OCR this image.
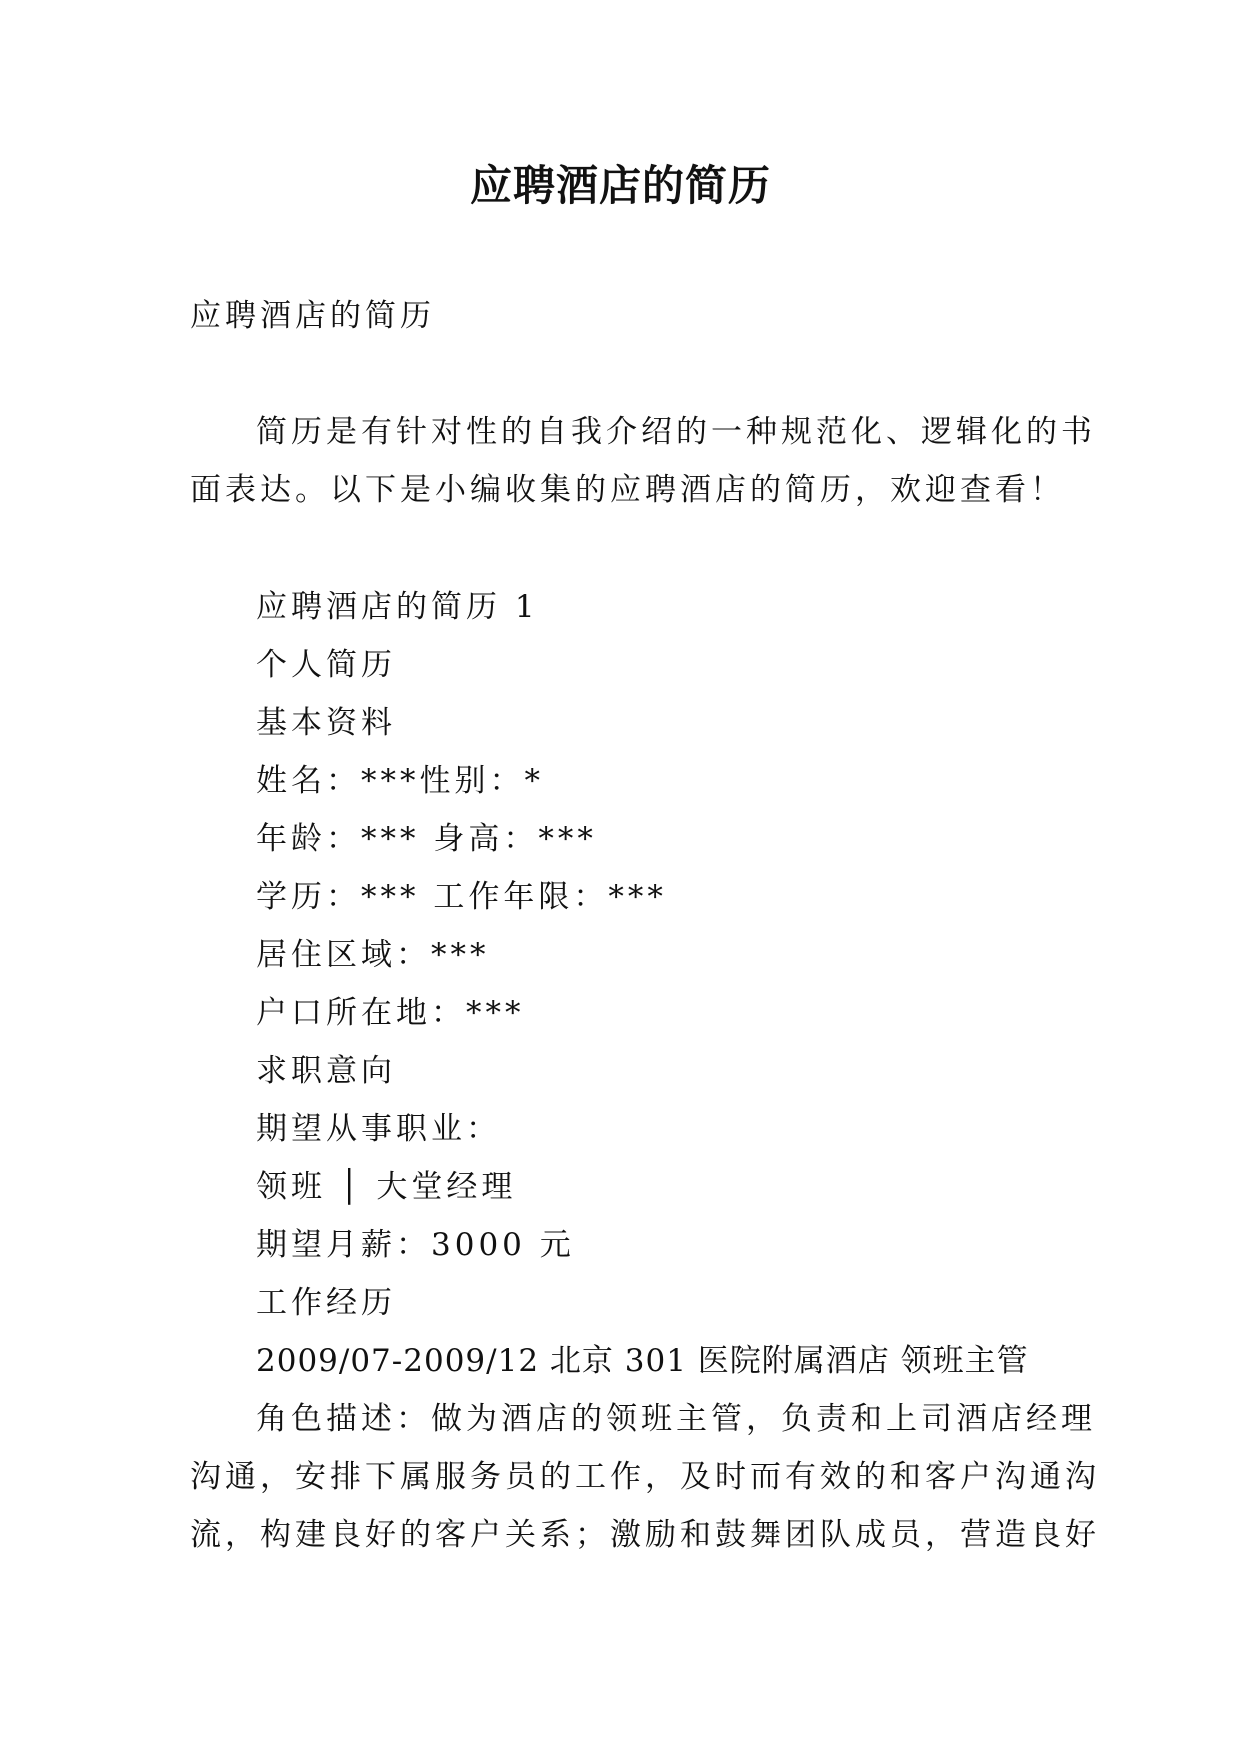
应聘酒店的简历
应聘酒店的简历
简历是有针对性的自我介绍的一种规范化、逻辑化的书
面表达。以下是小编收集的应聘酒店的简历，欢迎查看！
应聘酒店的简历 1
个人简历
基本资料
姓名：***性别：*
年龄：*** 身高：***
学历：*** 工作年限：***
居住区域：***
户口所在地：***
求职意向
期望从事职业：
领班 │ 大堂经理
期望月薪：3000 元
工作经历
2009/07-2009/12 北京 301 医院附属酒店 领班主管
角色描述：做为酒店的领班主管，负责和上司酒店经理
沟通，安排下属服务员的工作，及时而有效的和客户沟通沟
流，构建良好的客户关系；激励和鼓舞团队成员，营造良好
